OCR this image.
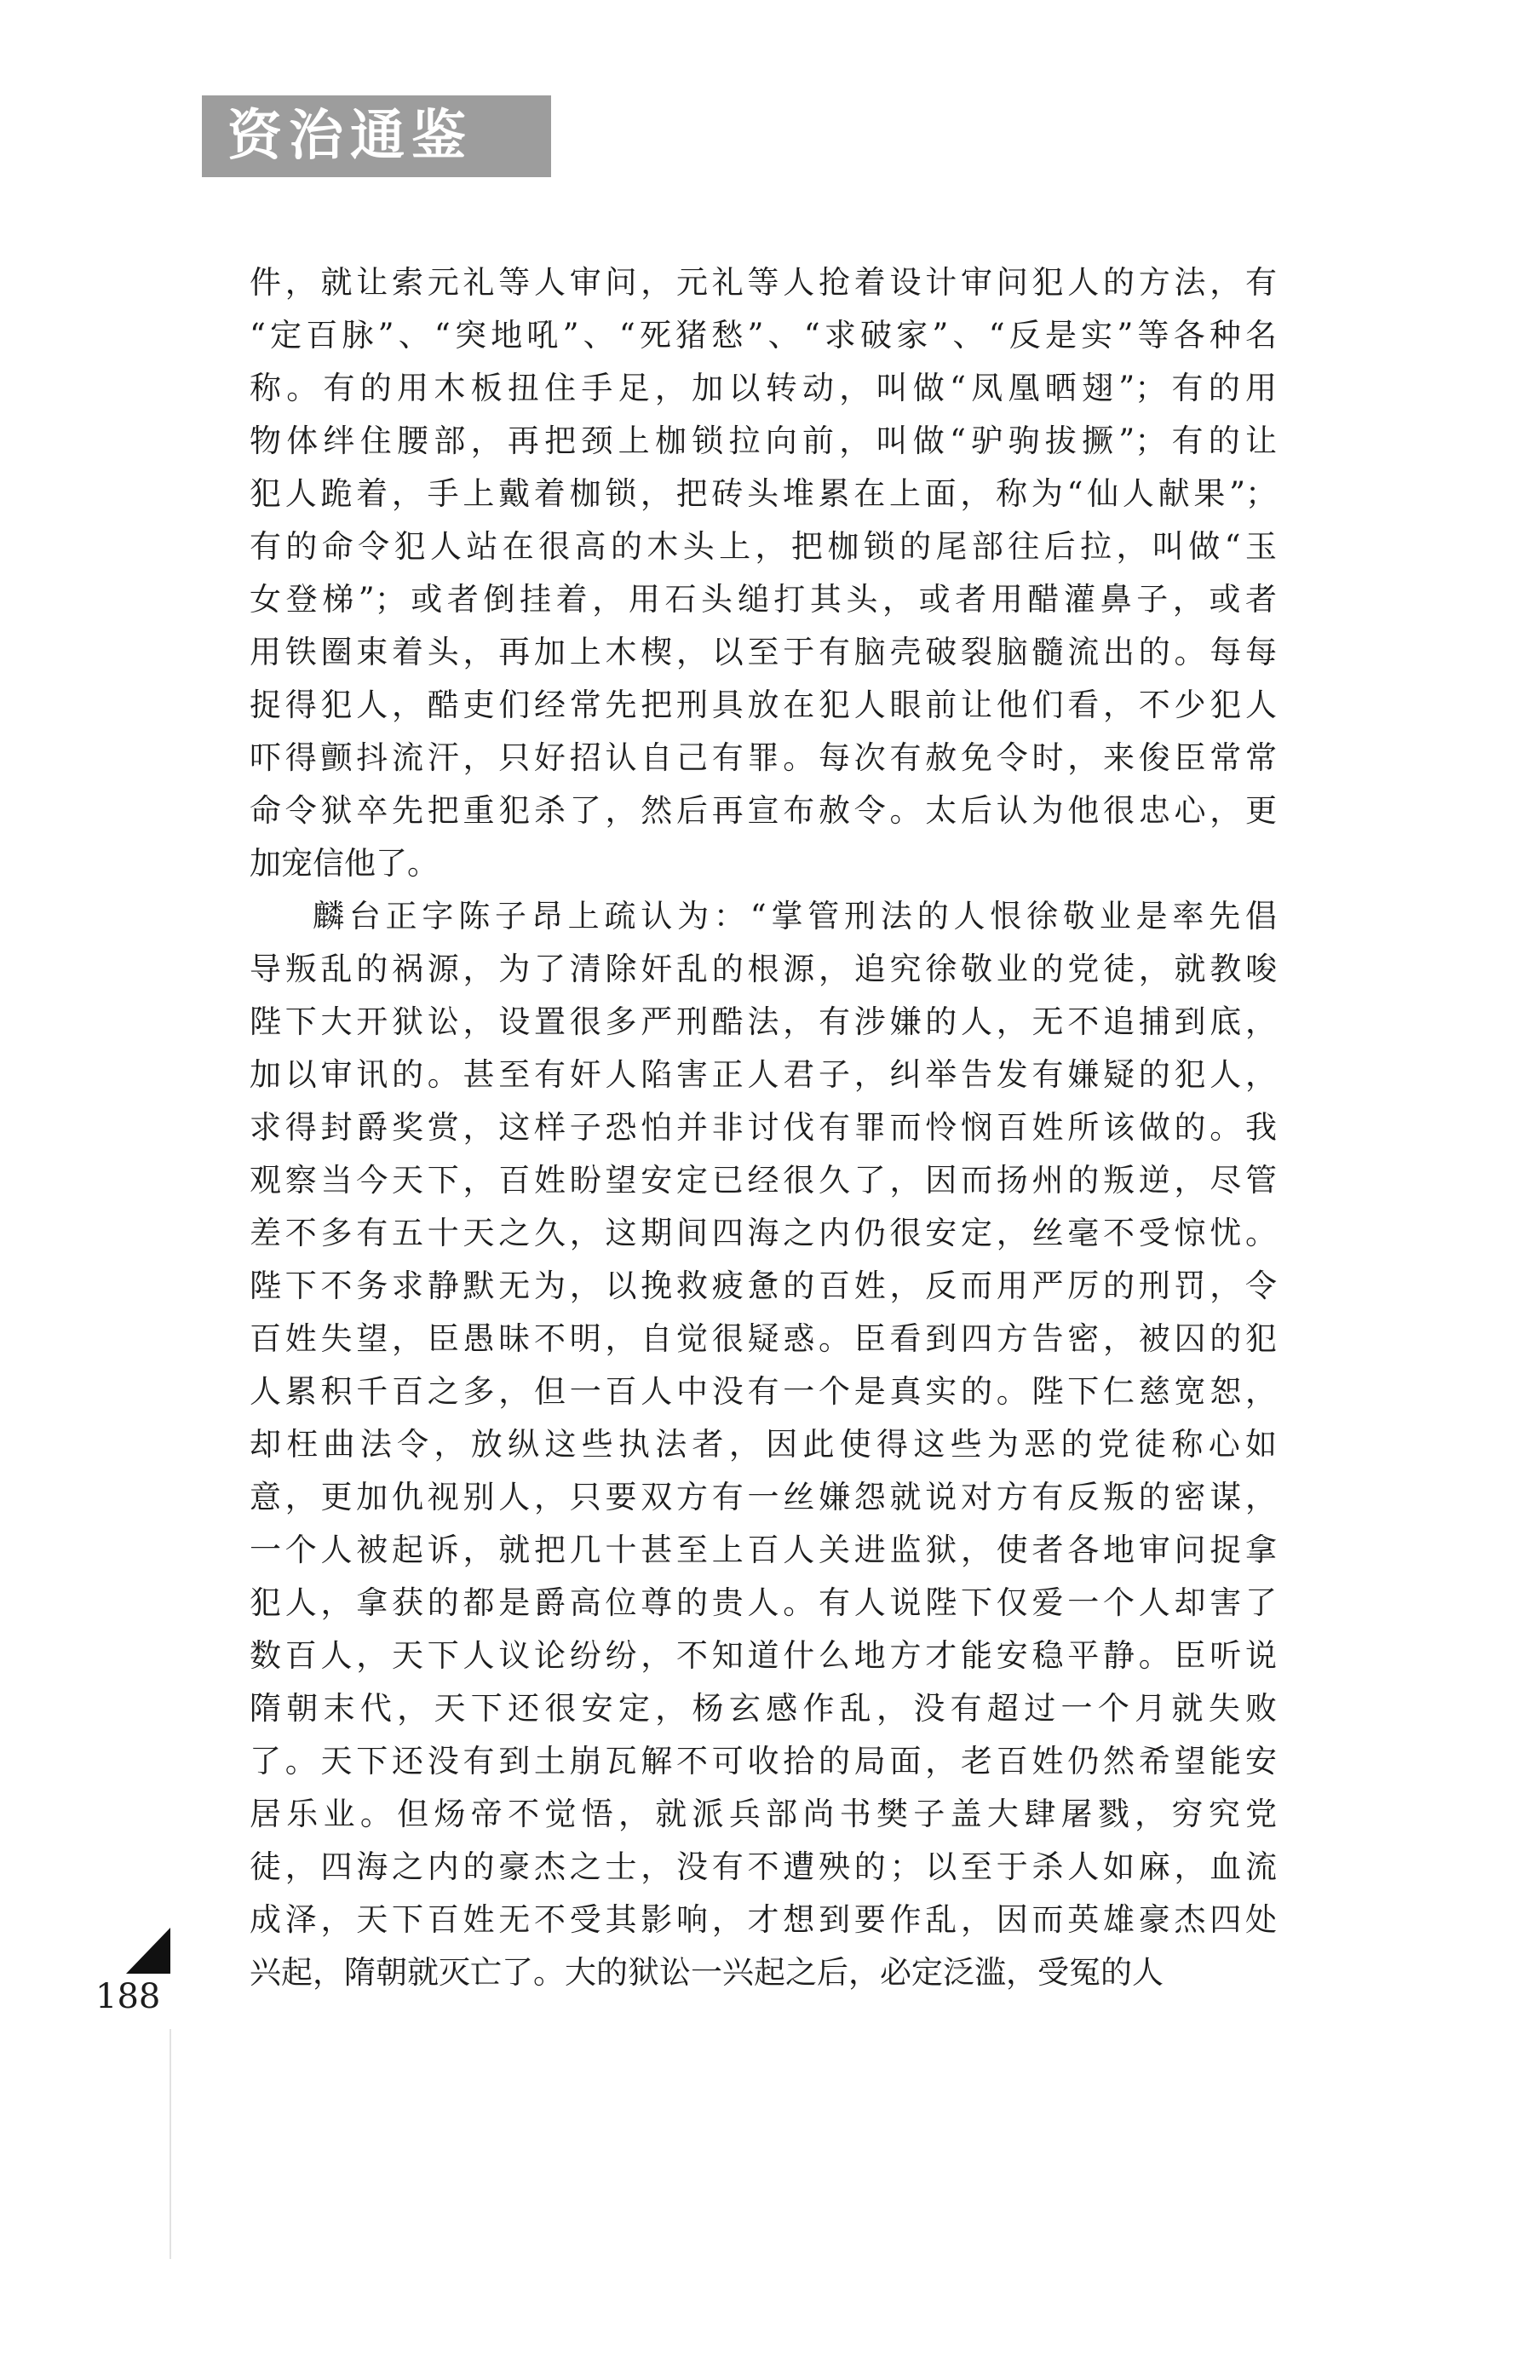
资治通鉴
件，就让索元礼等人审问，元礼等人抢着设计审问犯人的方法，有
“定百脉”、“突地吼”、“死猪愁”、“求破家”、“反是实”等各种名
称。有的用木板扭住手足，加以转动，叫做“凤凰晒翅”；有的用
物体绊住腰部，再把颈上枷锁拉向前，叫做“驴驹拔撅”；有的让
犯人跪着，手上戴着枷锁，把砖头堆累在上面，称为“仙人献果”；
有的命令犯人站在很高的木头上，把枷锁的尾部往后拉，叫做“玉
女登梯”；或者倒挂着，用石头缒打其头，或者用醋灌鼻子，或者
用铁圈束着头，再加上木楔，以至于有脑壳破裂脑髓流出的。每每
捉得犯人，酷吏们经常先把刑具放在犯人眼前让他们看，不少犯人
吓得颤抖流汗，只好招认自己有罪。每次有赦免令时，来俊臣常常
命令狱卒先把重犯杀了，然后再宣布赦令。太后认为他很忠心，更
加宠信他了。
麟台正字陈子昂上疏认为：“掌管刑法的人恨徐敬业是率先倡
导叛乱的祸源，为了清除奸乱的根源，追究徐敬业的党徒，就教唆
陛下大开狱讼，设置很多严刑酷法，有涉嫌的人，无不追捕到底，
加以审讯的。甚至有奸人陷害正人君子，纠举告发有嫌疑的犯人，
求得封爵奖赏，这样子恐怕并非讨伐有罪而怜悯百姓所该做的。我
观察当今天下，百姓盼望安定已经很久了，因而扬州的叛逆，尽管
差不多有五十天之久，这期间四海之内仍很安定，丝毫不受惊忧。
陛下不务求静默无为，以挽救疲惫的百姓，反而用严厉的刑罚，令
百姓失望，臣愚昧不明，自觉很疑惑。臣看到四方告密，被囚的犯
人累积千百之多，但一百人中没有一个是真实的。陛下仁慈宽恕，
却枉曲法令，放纵这些执法者，因此使得这些为恶的党徒称心如
意，更加仇视别人，只要双方有一丝嫌怨就说对方有反叛的密谋，
一个人被起诉，就把几十甚至上百人关进监狱，使者各地审问捉拿
犯人，拿获的都是爵高位尊的贵人。有人说陛下仅爱一个人却害了
数百人，天下人议论纷纷，不知道什么地方才能安稳平静。臣听说
隋朝末代，天下还很安定，杨玄感作乱，没有超过一个月就失败
了。天下还没有到土崩瓦解不可收拾的局面，老百姓仍然希望能安
居乐业。但炀帝不觉悟，就派兵部尚书樊子盖大肆屠戮，穷究党
徒，四海之内的豪杰之士，没有不遭殃的；以至于杀人如麻，血流
成泽，天下百姓无不受其影响，才想到要作乱，因而英雄豪杰四处
兴起，隋朝就灭亡了。大的狱讼一兴起之后，必定泛滥，受冤的人
188
